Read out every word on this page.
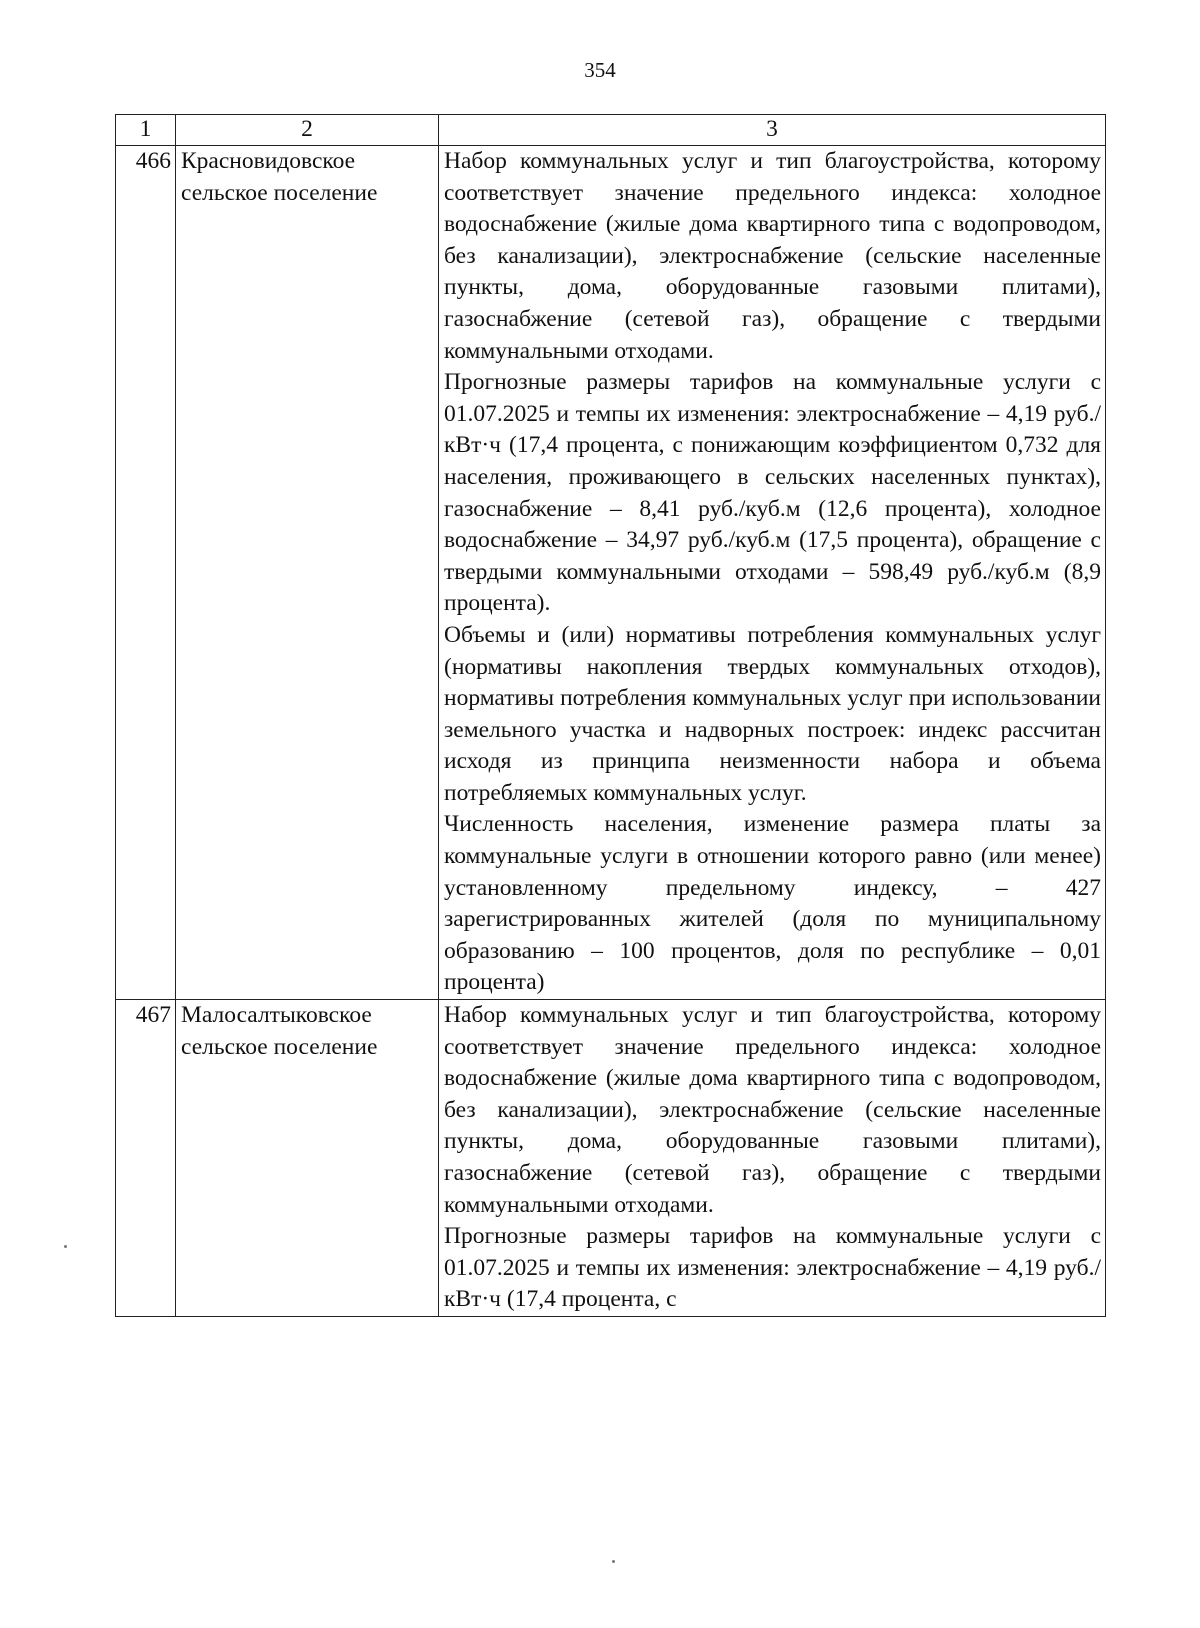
354
1	2	3
466	Красновидовское сельское поселение	Набор коммунальных услуг и тип благоустройства, которому соответствует значение предельного индекса: холодное водоснабжение (жилые дома квартирного типа с водопроводом, без канализации), электроснабжение (сельские населенные пункты, дома, оборудованные газовыми плитами), газоснабжение (сетевой газ), обращение с твердыми коммунальными отходами.

Прогнозные размеры тарифов на коммунальные услуги с 01.07.2025 и темпы их изменения: электроснабжение – 4,19 руб./кВт·ч (17,4 процента, с понижающим коэффициентом 0,732 для населения, проживающего в сельских населенных пунктах), газоснабжение – 8,41 руб./куб.м (12,6 процента), холодное водоснабжение – 34,97 руб./куб.м (17,5 процента), обращение с твердыми коммунальными отходами – 598,49 руб./куб.м (8,9 процента).

Объемы и (или) нормативы потребления коммунальных услуг (нормативы накопления твердых коммунальных отходов), нормативы потребления коммунальных услуг при использовании земельного участка и надворных построек: индекс рассчитан исходя из принципа неизменности набора и объема потребляемых коммунальных услуг.

Численность населения, изменение размера платы за коммунальные услуги в отношении которого равно (или менее) установленному предельному индексу, – 427 зарегистрированных жителей (доля по муниципальному образованию – 100 процентов, доля по республике – 0,01 процента)

467	Малосалтыковское сельское поселение	Набор коммунальных услуг и тип благоустройства, которому соответствует значение предельного индекса: холодное водоснабжение (жилые дома квартирного типа с водопроводом, без канализации), электроснабжение (сельские населенные пункты, дома, оборудованные газовыми плитами), газоснабжение (сетевой газ), обращение с твердыми коммунальными отходами.

Прогнозные размеры тарифов на коммунальные услуги с 01.07.2025 и темпы их изменения: электроснабжение – 4,19 руб./кВт·ч (17,4 процента, с
